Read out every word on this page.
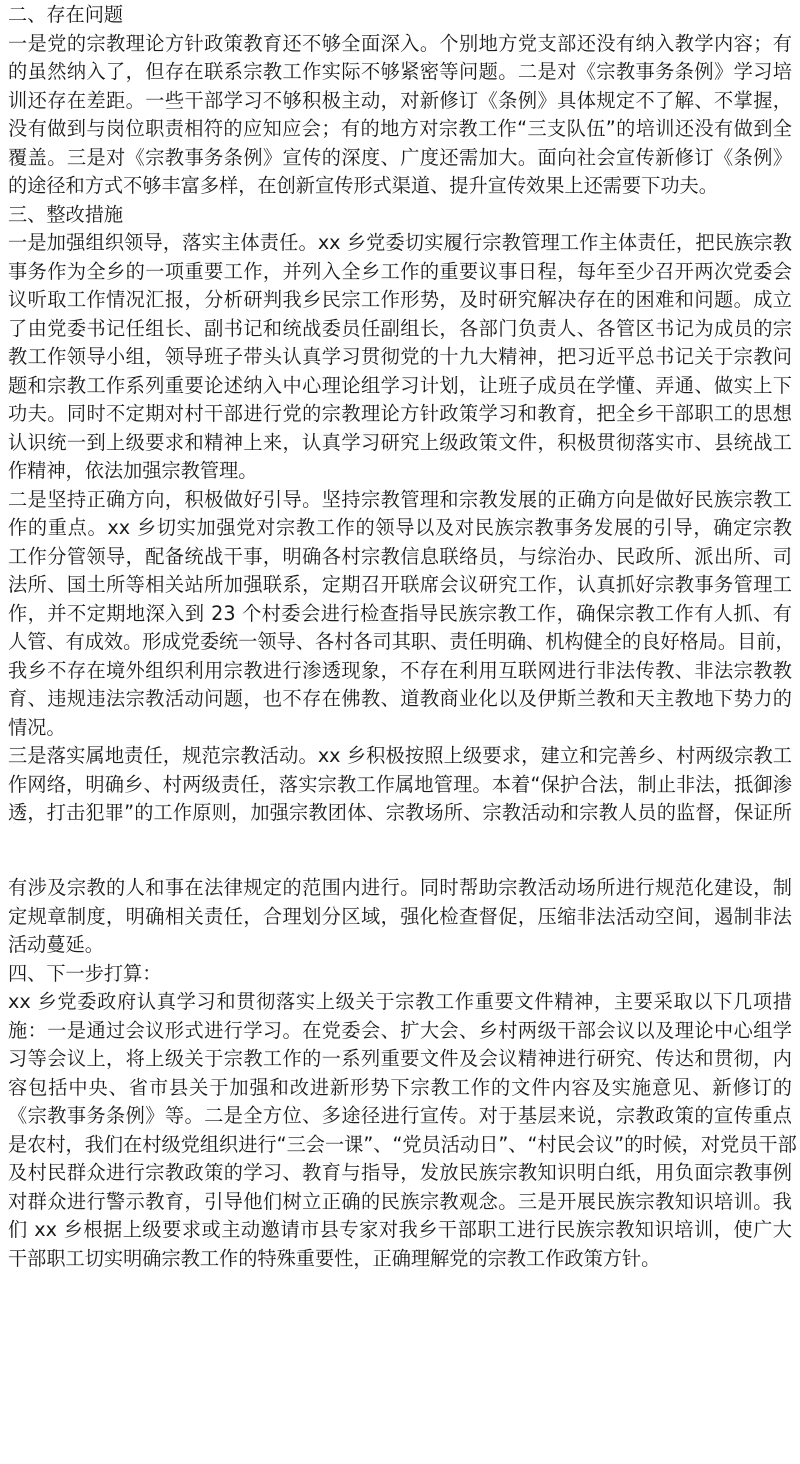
二、存在问题
一是党的宗教理论方针政策教育还不够全面深入。个别地方党支部还没有纳入教学内容；有
的虽然纳入了，但存在联系宗教工作实际不够紧密等问题。二是对《宗教事务条例》学习培
训还存在差距。一些干部学习不够积极主动，对新修订《条例》具体规定不了解、不掌握，
没有做到与岗位职责相符的应知应会；有的地方对宗教工作“三支队伍”的培训还没有做到全
覆盖。三是对《宗教事务条例》宣传的深度、广度还需加大。面向社会宣传新修订《条例》
的途径和方式不够丰富多样，在创新宣传形式渠道、提升宣传效果上还需要下功夫。
三、整改措施
一是加强组织领导，落实主体责任。xx 乡党委切实履行宗教管理工作主体责任，把民族宗教
事务作为全乡的一项重要工作，并列入全乡工作的重要议事日程，每年至少召开两次党委会
议听取工作情况汇报，分析研判我乡民宗工作形势，及时研究解决存在的困难和问题。成立
了由党委书记任组长、副书记和统战委员任副组长，各部门负责人、各管区书记为成员的宗
教工作领导小组，领导班子带头认真学习贯彻党的十九大精神，把习近平总书记关于宗教问
题和宗教工作系列重要论述纳入中心理论组学习计划，让班子成员在学懂、弄通、做实上下
功夫。同时不定期对村干部进行党的宗教理论方针政策学习和教育，把全乡干部职工的思想
认识统一到上级要求和精神上来，认真学习研究上级政策文件，积极贯彻落实市、县统战工
作精神，依法加强宗教管理。
二是坚持正确方向，积极做好引导。坚持宗教管理和宗教发展的正确方向是做好民族宗教工
作的重点。xx 乡切实加强党对宗教工作的领导以及对民族宗教事务发展的引导，确定宗教
工作分管领导，配备统战干事，明确各村宗教信息联络员，与综治办、民政所、派出所、司
法所、国土所等相关站所加强联系，定期召开联席会议研究工作，认真抓好宗教事务管理工
作，并不定期地深入到 23 个村委会进行检查指导民族宗教工作，确保宗教工作有人抓、有
人管、有成效。形成党委统一领导、各村各司其职、责任明确、机构健全的良好格局。目前，
我乡不存在境外组织利用宗教进行渗透现象，不存在利用互联网进行非法传教、非法宗教教
育、违规违法宗教活动问题，也不存在佛教、道教商业化以及伊斯兰教和天主教地下势力的
情况。
三是落实属地责任，规范宗教活动。xx 乡积极按照上级要求，建立和完善乡、村两级宗教工
作网络，明确乡、村两级责任，落实宗教工作属地管理。本着“保护合法，制止非法，抵御渗
透，打击犯罪”的工作原则，加强宗教团体、宗教场所、宗教活动和宗教人员的监督，保证所
有涉及宗教的人和事在法律规定的范围内进行。同时帮助宗教活动场所进行规范化建设，制
定规章制度，明确相关责任，合理划分区域，强化检查督促，压缩非法活动空间，遏制非法
活动蔓延。
四、下一步打算：
xx 乡党委政府认真学习和贯彻落实上级关于宗教工作重要文件精神，主要采取以下几项措
施：一是通过会议形式进行学习。在党委会、扩大会、乡村两级干部会议以及理论中心组学
习等会议上，将上级关于宗教工作的一系列重要文件及会议精神进行研究、传达和贯彻，内
容包括中央、省市县关于加强和改进新形势下宗教工作的文件内容及实施意见、新修订的
《宗教事务条例》等。二是全方位、多途径进行宣传。对于基层来说，宗教政策的宣传重点
是农村，我们在村级党组织进行“三会一课”、“党员活动日”、“村民会议”的时候，对党员干部
及村民群众进行宗教政策的学习、教育与指导，发放民族宗教知识明白纸，用负面宗教事例
对群众进行警示教育，引导他们树立正确的民族宗教观念。三是开展民族宗教知识培训。我
们 xx 乡根据上级要求或主动邀请市县专家对我乡干部职工进行民族宗教知识培训，使广大
干部职工切实明确宗教工作的特殊重要性，正确理解党的宗教工作政策方针。
